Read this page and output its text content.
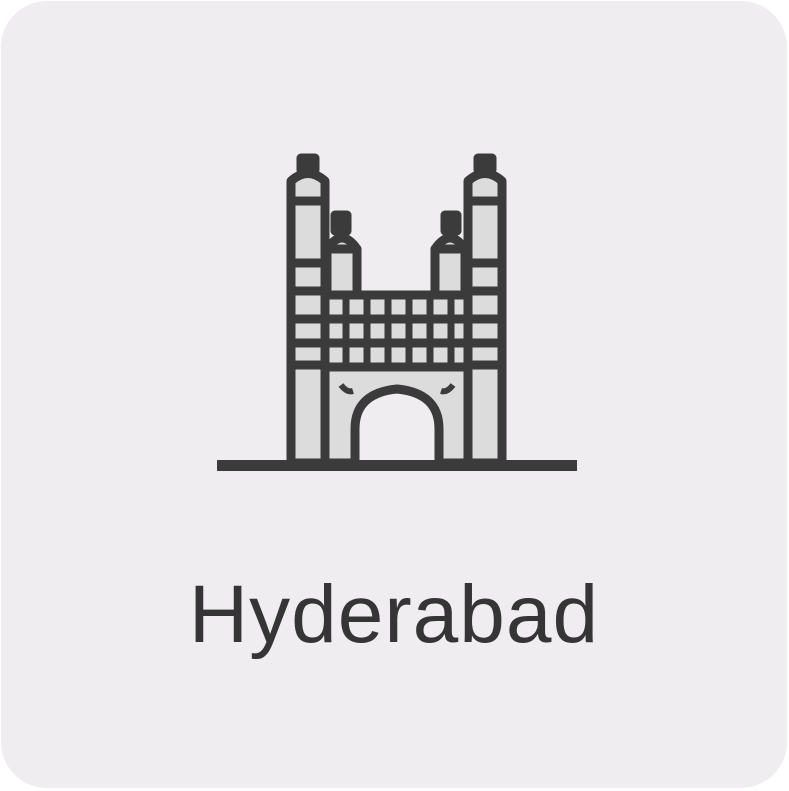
Hyderabad
